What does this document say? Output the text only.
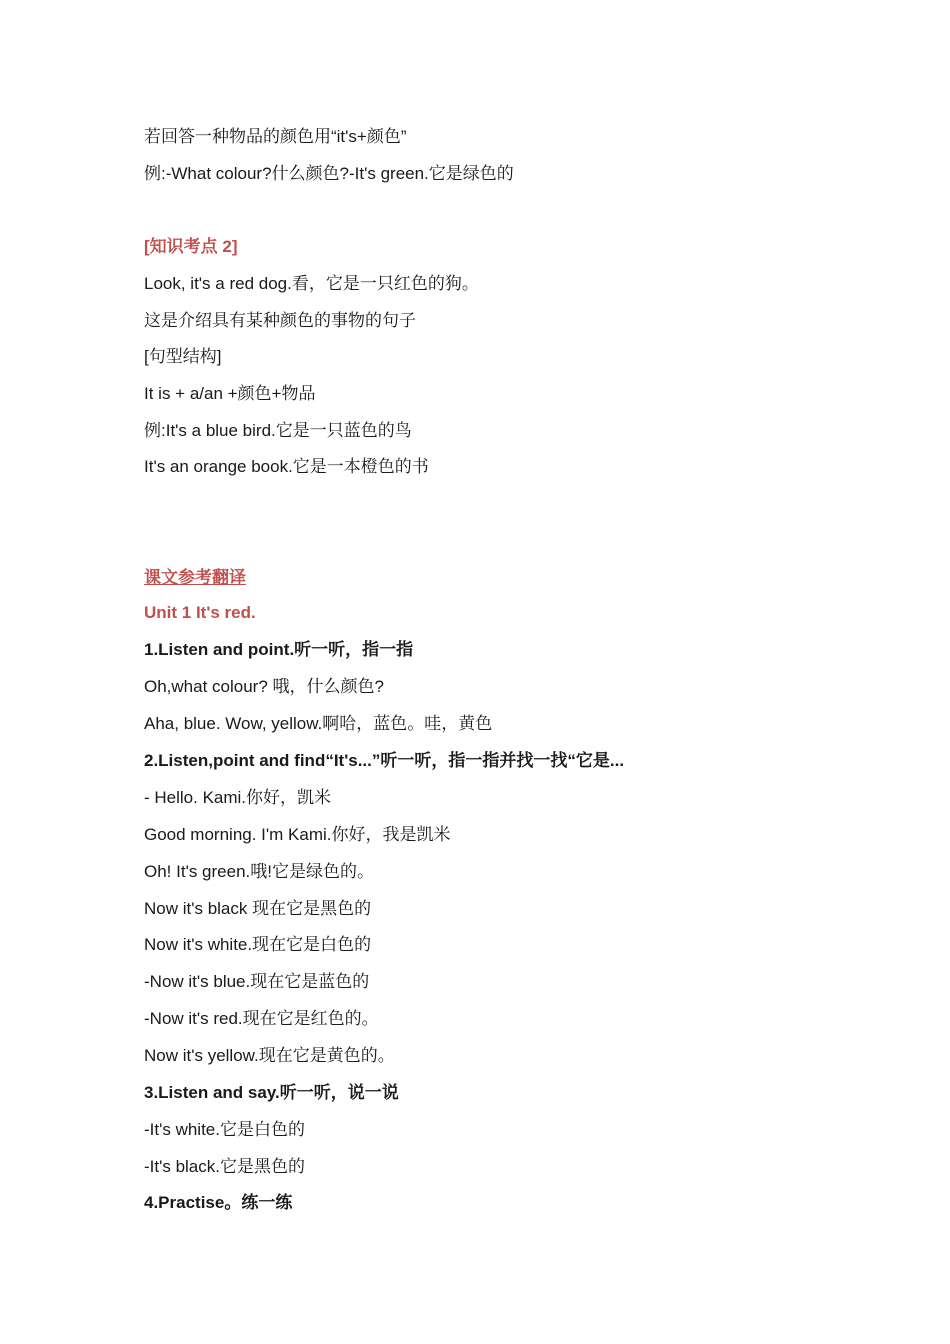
若回答一种物品的颜色用“it's+颜色”
例:-What colour?什么颜色?-It's green.它是绿色的
[知识考点 2]
Look, it's a red dog.看，它是一只红色的狗。
这是介绍具有某种颜色的事物的句子
[句型结构]
It is + a/an +颜色+物品
例:It's a blue bird.它是一只蓝色的鸟
It's an orange book.它是一本橙色的书
课文参考翻译
Unit 1 It's red.
1.Listen and point.听一听，指一指
Oh,what colour? 哦，什么颜色?
Aha, blue. Wow, yellow.啊哈，蓝色。哇，黄色
2.Listen,point and find“It's...”听一听，指一指并找一找“它是...
- Hello. Kami.你好，凯米
Good morning. I'm Kami.你好，我是凯米
Oh! It's green.哦!它是绿色的。
Now it's black 现在它是黑色的
Now it's white.现在它是白色的
-Now it's blue.现在它是蓝色的
-Now it's red.现在它是红色的。
Now it's yellow.现在它是黄色的。
3.Listen and say.听一听，说一说
-It's white.它是白色的
-It's black.它是黑色的
4.Practise。练一练
